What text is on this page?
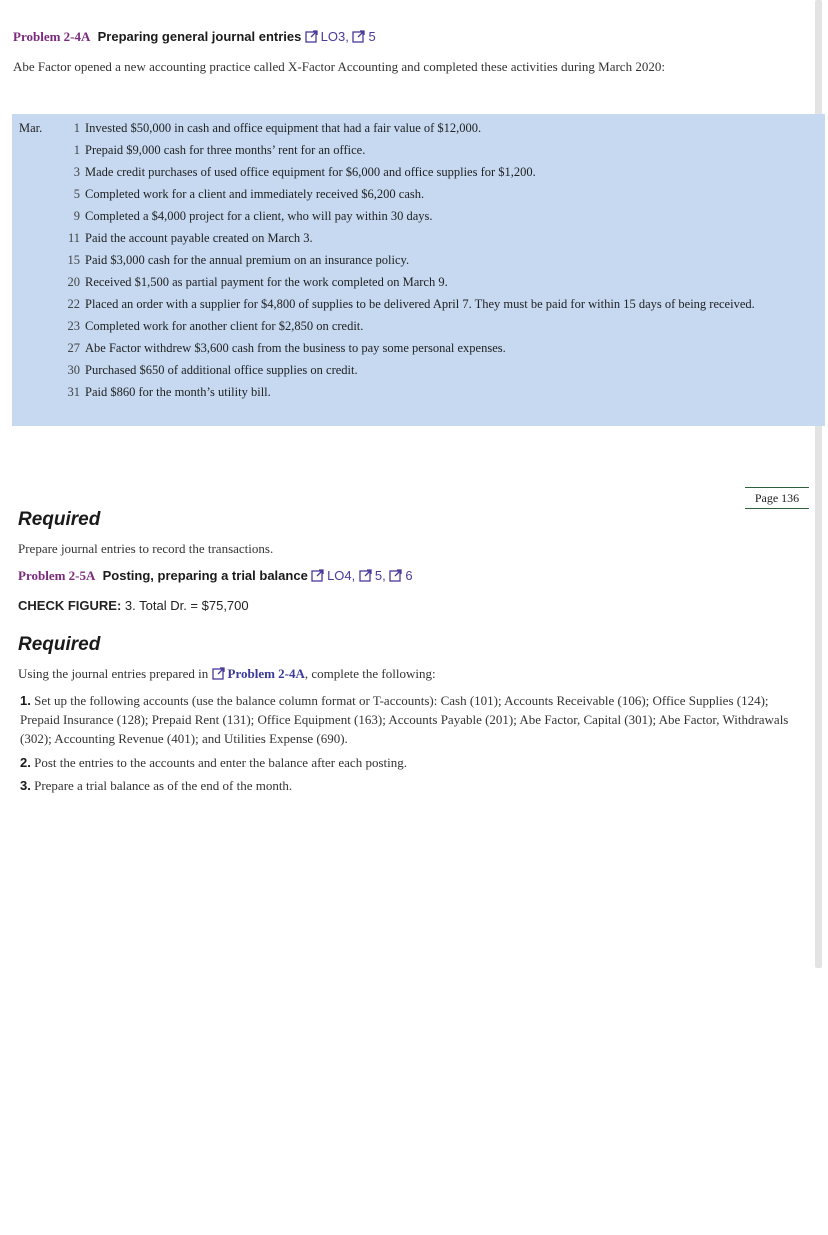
Problem 2-4A Preparing general journal entries LO3, 5
Abe Factor opened a new accounting practice called X-Factor Accounting and completed these activities during March 2020:
Mar.	1 Invested $50,000 in cash and office equipment that had a fair value of $12,000.
1 Prepaid $9,000 cash for three months’ rent for an office.
3 Made credit purchases of used office equipment for $6,000 and office supplies for $1,200.
5 Completed work for a client and immediately received $6,200 cash.
9 Completed a $4,000 project for a client, who will pay within 30 days.
11 Paid the account payable created on March 3.
15 Paid $3,000 cash for the annual premium on an insurance policy.
20 Received $1,500 as partial payment for the work completed on March 9.
22 Placed an order with a supplier for $4,800 of supplies to be delivered April 7. They must be paid for within 15 days of being received.
23 Completed work for another client for $2,850 on credit.
27 Abe Factor withdrew $3,600 cash from the business to pay some personal expenses.
30 Purchased $650 of additional office supplies on credit.
31 Paid $860 for the month’s utility bill.
Page 136
Required
Prepare journal entries to record the transactions.
Problem 2-5A Posting, preparing a trial balance LO4, 5, 6
CHECK FIGURE: 3. Total Dr. = $75,700
Required
Using the journal entries prepared in Problem 2-4A, complete the following:
1. Set up the following accounts (use the balance column format or T-accounts): Cash (101); Accounts Receivable (106); Office Supplies (124); Prepaid Insurance (128); Prepaid Rent (131); Office Equipment (163); Accounts Payable (201); Abe Factor, Capital (301); Abe Factor, Withdrawals (302); Accounting Revenue (401); and Utilities Expense (690).
2. Post the entries to the accounts and enter the balance after each posting.
3. Prepare a trial balance as of the end of the month.
